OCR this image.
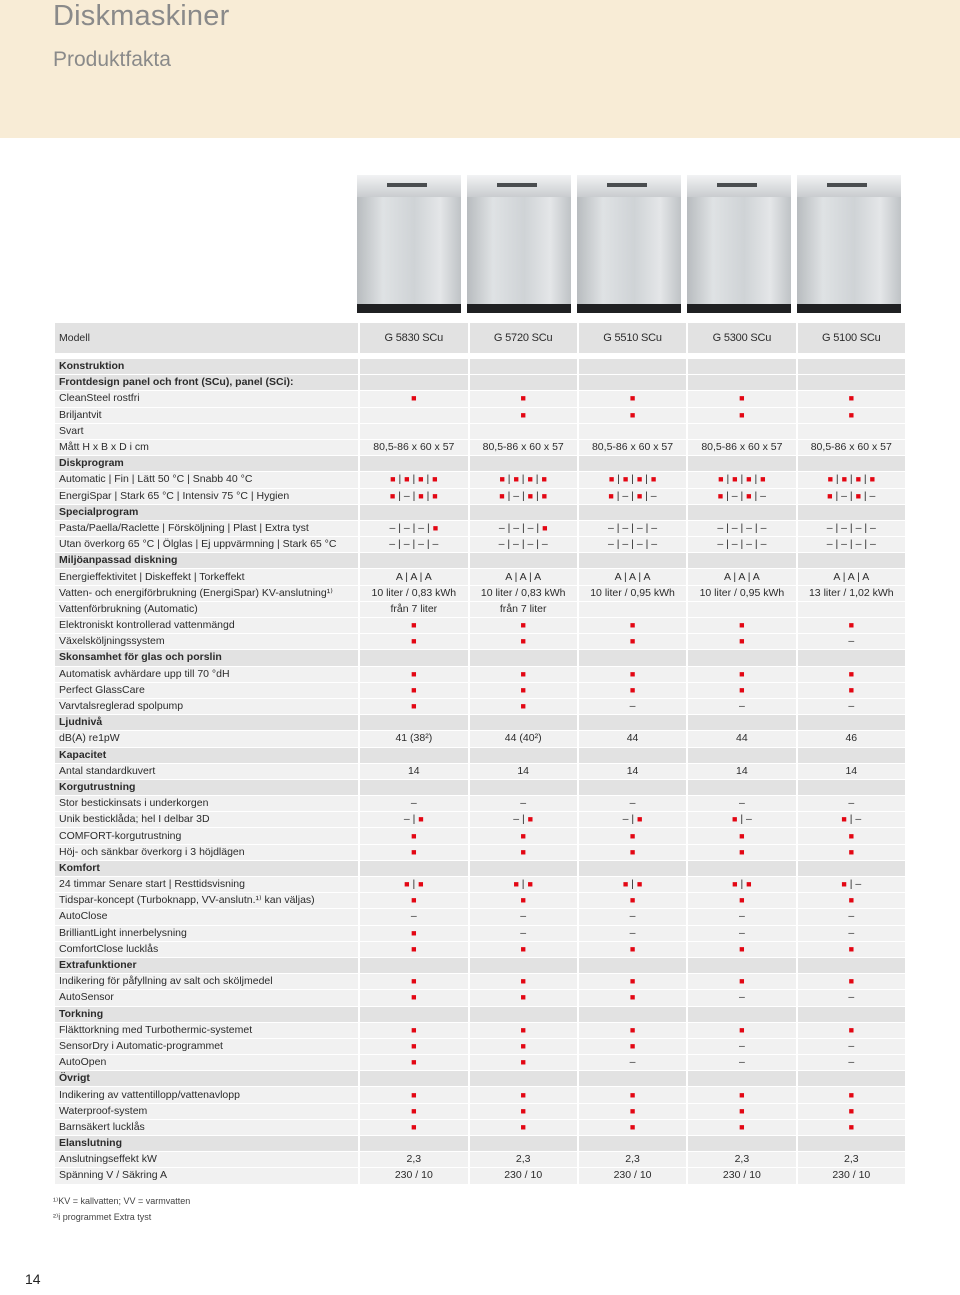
Diskmaskiner
Produktfakta
Modell	G 5830 SCu	G 5720 SCu	G 5510 SCu	G 5300 SCu	G 5100 SCu

Konstruktion					
Frontdesign panel och front (SCu), panel (SCi):					
CleanSteel rostfri	■	■	■	■	■
Briljantvit		■	■	■	■
Svart					
Mått H x B x D i cm	80,5-86 x 60 x 57	80,5-86 x 60 x 57	80,5-86 x 60 x 57	80,5-86 x 60 x 57	80,5-86 x 60 x 57
Diskprogram					
Automatic | Fin | Lätt 50 °C | Snabb 40 °C	■ | ■ | ■ | ■	■ | ■ | ■ | ■	■ | ■ | ■ | ■	■ | ■ | ■ | ■	■ | ■ | ■ | ■
EnergiSpar | Stark 65 °C | Intensiv 75 °C | Hygien	■ | – | ■ | ■	■ | – | ■ | ■	■ | – | ■ | –	■ | – | ■ | –	■ | – | ■ | –
Specialprogram					
Pasta/Paella/Raclette | Försköljning | Plast | Extra tyst	– | – | – | ■	– | – | – | ■	– | – | – | –	– | – | – | –	– | – | – | –
Utan överkorg 65 °C | Ölglas | Ej uppvärmning | Stark 65 °C	– | – | – | –	– | – | – | –	– | – | – | –	– | – | – | –	– | – | – | –
Miljöanpassad diskning					
Energieffektivitet | Diskeffekt | Torkeffekt	A | A | A	A | A | A	A | A | A	A | A | A	A | A | A
Vatten- och energiförbrukning (EnergiSpar) KV-anslutning¹⁾	10 liter / 0,83 kWh	10 liter / 0,83 kWh	10 liter / 0,95 kWh	10 liter / 0,95 kWh	13 liter / 1,02 kWh
Vattenförbrukning (Automatic)	från 7 liter	från 7 liter			
Elektroniskt kontrollerad vattenmängd	■	■	■	■	■
Växelsköljningssystem	■	■	■	■	–
Skonsamhet för glas och porslin					
Automatisk avhärdare upp till 70 °dH	■	■	■	■	■
Perfect GlassCare	■	■	■	■	■
Varvtalsreglerad spolpump	■	■	–	–	–
Ljudnivå					
dB(A) re1pW	41 (38²)	44 (40²)	44	44	46
Kapacitet					
Antal standardkuvert	14	14	14	14	14
Korgutrustning					
Stor bestickinsats i underkorgen	–	–	–	–	–
Unik besticklåda; hel I delbar 3D	– | ■	– | ■	– | ■	■ | –	■ | –
COMFORT-korgutrustning	■	■	■	■	■
Höj- och sänkbar överkorg i 3 höjdlägen	■	■	■	■	■
Komfort					
24 timmar Senare start | Resttidsvisning	■ | ■	■ | ■	■ | ■	■ | ■	■ | –
Tidspar-koncept (Turboknapp, VV-anslutn.¹⁾ kan väljas)	■	■	■	■	■
AutoClose	–	–	–	–	–
BrilliantLight innerbelysning	■	–	–	–	–
ComfortClose lucklås	■	■	■	■	■
Extrafunktioner					
Indikering för påfyllning av salt och sköljmedel	■	■	■	■	■
AutoSensor	■	■	■	–	–
Torkning					
Fläkttorkning med Turbothermic-systemet	■	■	■	■	■
SensorDry i Automatic-programmet	■	■	■	–	–
AutoOpen	■	■	–	–	–
Övrigt					
Indikering av vattentillopp/vattenavlopp	■	■	■	■	■
Waterproof-system	■	■	■	■	■
Barnsäkert lucklås	■	■	■	■	■
Elanslutning					
Anslutningseffekt kW	2,3	2,3	2,3	2,3	2,3
Spänning V / Säkring A	230 / 10	230 / 10	230 / 10	230 / 10	230 / 10
¹⁾KV = kallvatten; VV = varmvatten
²⁾i programmet Extra tyst
14
